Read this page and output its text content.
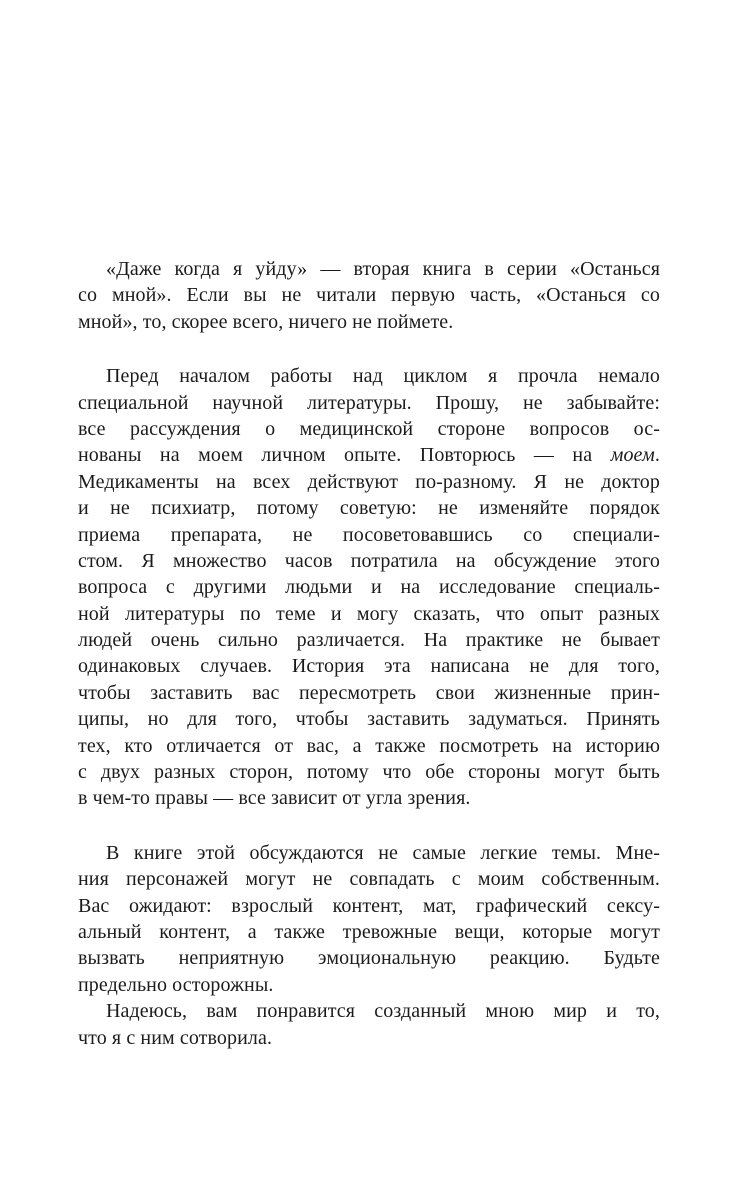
«Даже когда я уйду» — вторая книга в серии «Останься
со мной». Если вы не читали первую часть, «Останься со
мной», то, скорее всего, ничего не поймете.
Перед началом работы над циклом я прочла немало
специальной научной литературы. Прошу, не забывайте:
все рассуждения о медицинской стороне вопросов ос-
нованы на моем личном опыте. Повторюсь — на моем.
Медикаменты на всех действуют по-разному. Я не доктор
и не психиатр, потому советую: не изменяйте порядок
приема препарата, не посоветовавшись со специали-
стом. Я множество часов потратила на обсуждение этого
вопроса с другими людьми и на исследование специаль-
ной литературы по теме и могу сказать, что опыт разных
людей очень сильно различается. На практике не бывает
одинаковых случаев. История эта написана не для того,
чтобы заставить вас пересмотреть свои жизненные прин-
ципы, но для того, чтобы заставить задуматься. Принять
тех, кто отличается от вас, а также посмотреть на историю
с двух разных сторон, потому что обе стороны могут быть
в чем-то правы — все зависит от угла зрения.
В книге этой обсуждаются не самые легкие темы. Мне-
ния персонажей могут не совпадать с моим собственным.
Вас ожидают: взрослый контент, мат, графический сексу-
альный контент, а также тревожные вещи, которые могут
вызвать неприятную эмоциональную реакцию. Будьте
предельно осторожны.
Надеюсь, вам понравится созданный мною мир и то,
что я с ним сотворила.
